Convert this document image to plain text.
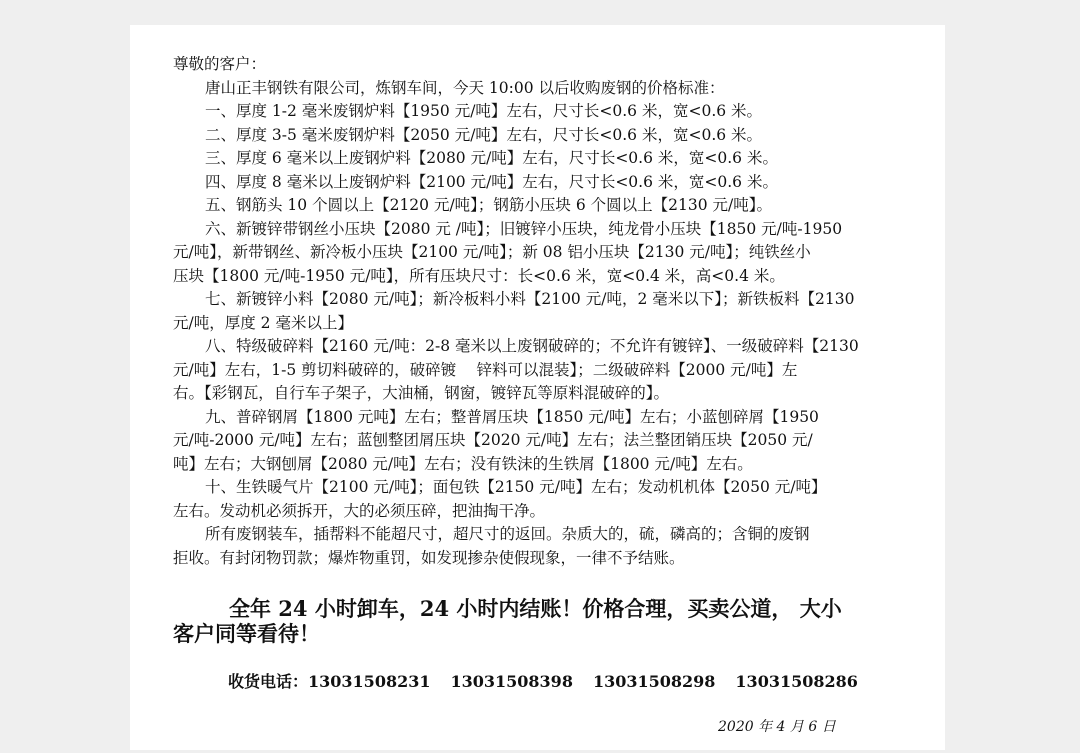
尊敬的客户：
唐山正丰钢铁有限公司，炼钢车间，今天 10:00 以后收购废钢的价格标准：
一、厚度 1-2 毫米废钢炉料【1950 元/吨】左右，尺寸长<0.6 米，宽<0.6 米。
二、厚度 3-5 毫米废钢炉料【2050 元/吨】左右，尺寸长<0.6 米，宽<0.6 米。
三、厚度 6 毫米以上废钢炉料【2080 元/吨】左右，尺寸长<0.6 米，宽<0.6 米。
四、厚度 8 毫米以上废钢炉料【2100 元/吨】左右，尺寸长<0.6 米，宽<0.6 米。
五、钢筋头 10 个圆以上【2120 元/吨】；钢筋小压块 6 个圆以上【2130 元/吨】。
六、新镀锌带钢丝小压块【2080 元 /吨】；旧镀锌小压块，纯龙骨小压块【1850 元/吨-1950
元/吨】，新带钢丝、新冷板小压块【2100 元/吨】；新 08 铝小压块【2130 元/吨】；纯铁丝小
压块【1800 元/吨-1950 元/吨】，所有压块尺寸：长<0.6 米，宽<0.4 米，高<0.4 米。
七、新镀锌小料【2080 元/吨】；新冷板料小料【2100 元/吨，2 毫米以下】；新铁板料【2130
元/吨，厚度 2 毫米以上】
八、特级破碎料【2160 元/吨：2-8 毫米以上废钢破碎的；不允许有镀锌】、一级破碎料【2130
元/吨】左右，1-5 剪切料破碎的，破碎镀　 锌料可以混装】；二级破碎料【2000 元/吨】左
右。【彩钢瓦，自行车子架子，大油桶，钢窗，镀锌瓦等原料混破碎的】。
九、普碎钢屑【1800 元吨】左右；整普屑压块【1850 元/吨】左右；小蓝刨碎屑【1950
元/吨-2000 元/吨】左右；蓝刨整团屑压块【2020 元/吨】左右；法兰整团销压块【2050 元/
吨】左右；大钢刨屑【2080 元/吨】左右；没有铁沫的生铁屑【1800 元/吨】左右。
十、生铁暖气片【2100 元/吨】；面包铁【2150 元/吨】左右；发动机机体【2050 元/吨】
左右。发动机必须拆开，大的必须压碎，把油掏干净。
所有废钢装车，插帮料不能超尺寸，超尺寸的返回。杂质大的，硫，磷高的；含铜的废钢
拒收。有封闭物罚款；爆炸物重罚，如发现掺杂使假现象，一律不予结账。
全年 24 小时卸车，24 小时内结账！价格合理，买卖公道， 大小
客户同等看待！
收货电话：13031508231 13031508398 13031508298 13031508286
2020 年 4 月 6 日
